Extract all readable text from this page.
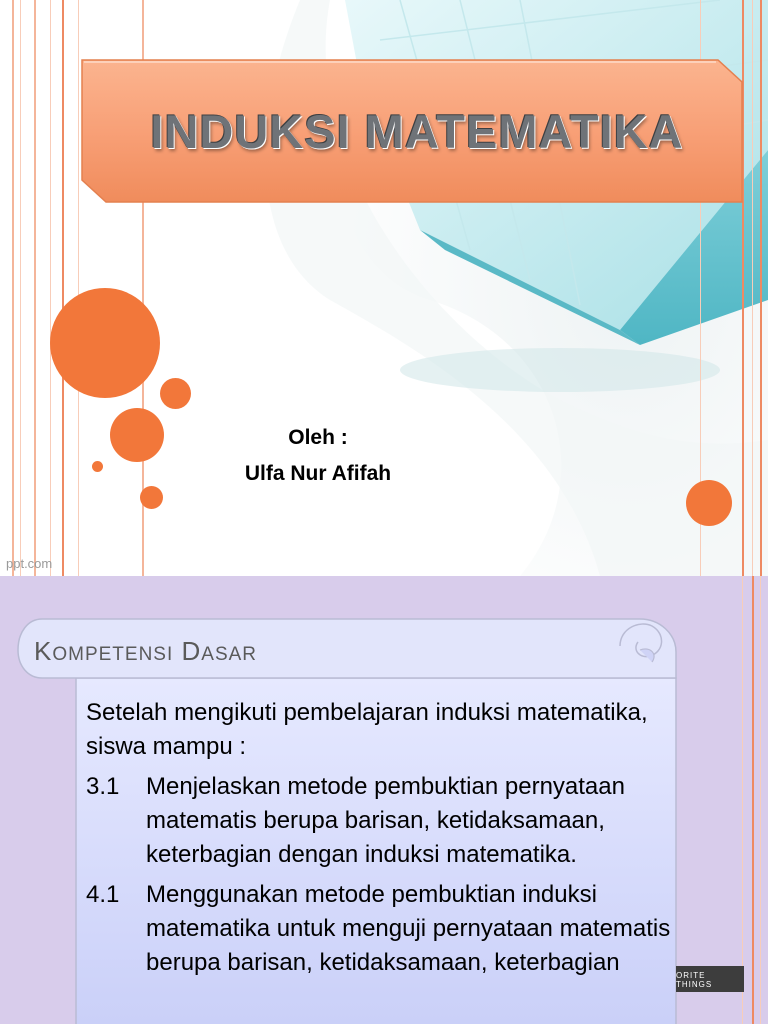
INDUKSI MATEMATIKA
Oleh :
Ulfa Nur Afifah
ppt.com
KOMPETENSI DASAR

Setelah mengikuti pembelajaran induksi matematika, siswa mampu :

3.1	Menjelaskan metode pembuktian pernyataan matematis berupa barisan, ketidaksamaan, keterbagian dengan induksi matematika.
4.1	Menggunakan metode pembuktian induksi matematika untuk menguji pernyataan matematis berupa barisan, ketidaksamaan, keterbagian	ORITE THINGS
